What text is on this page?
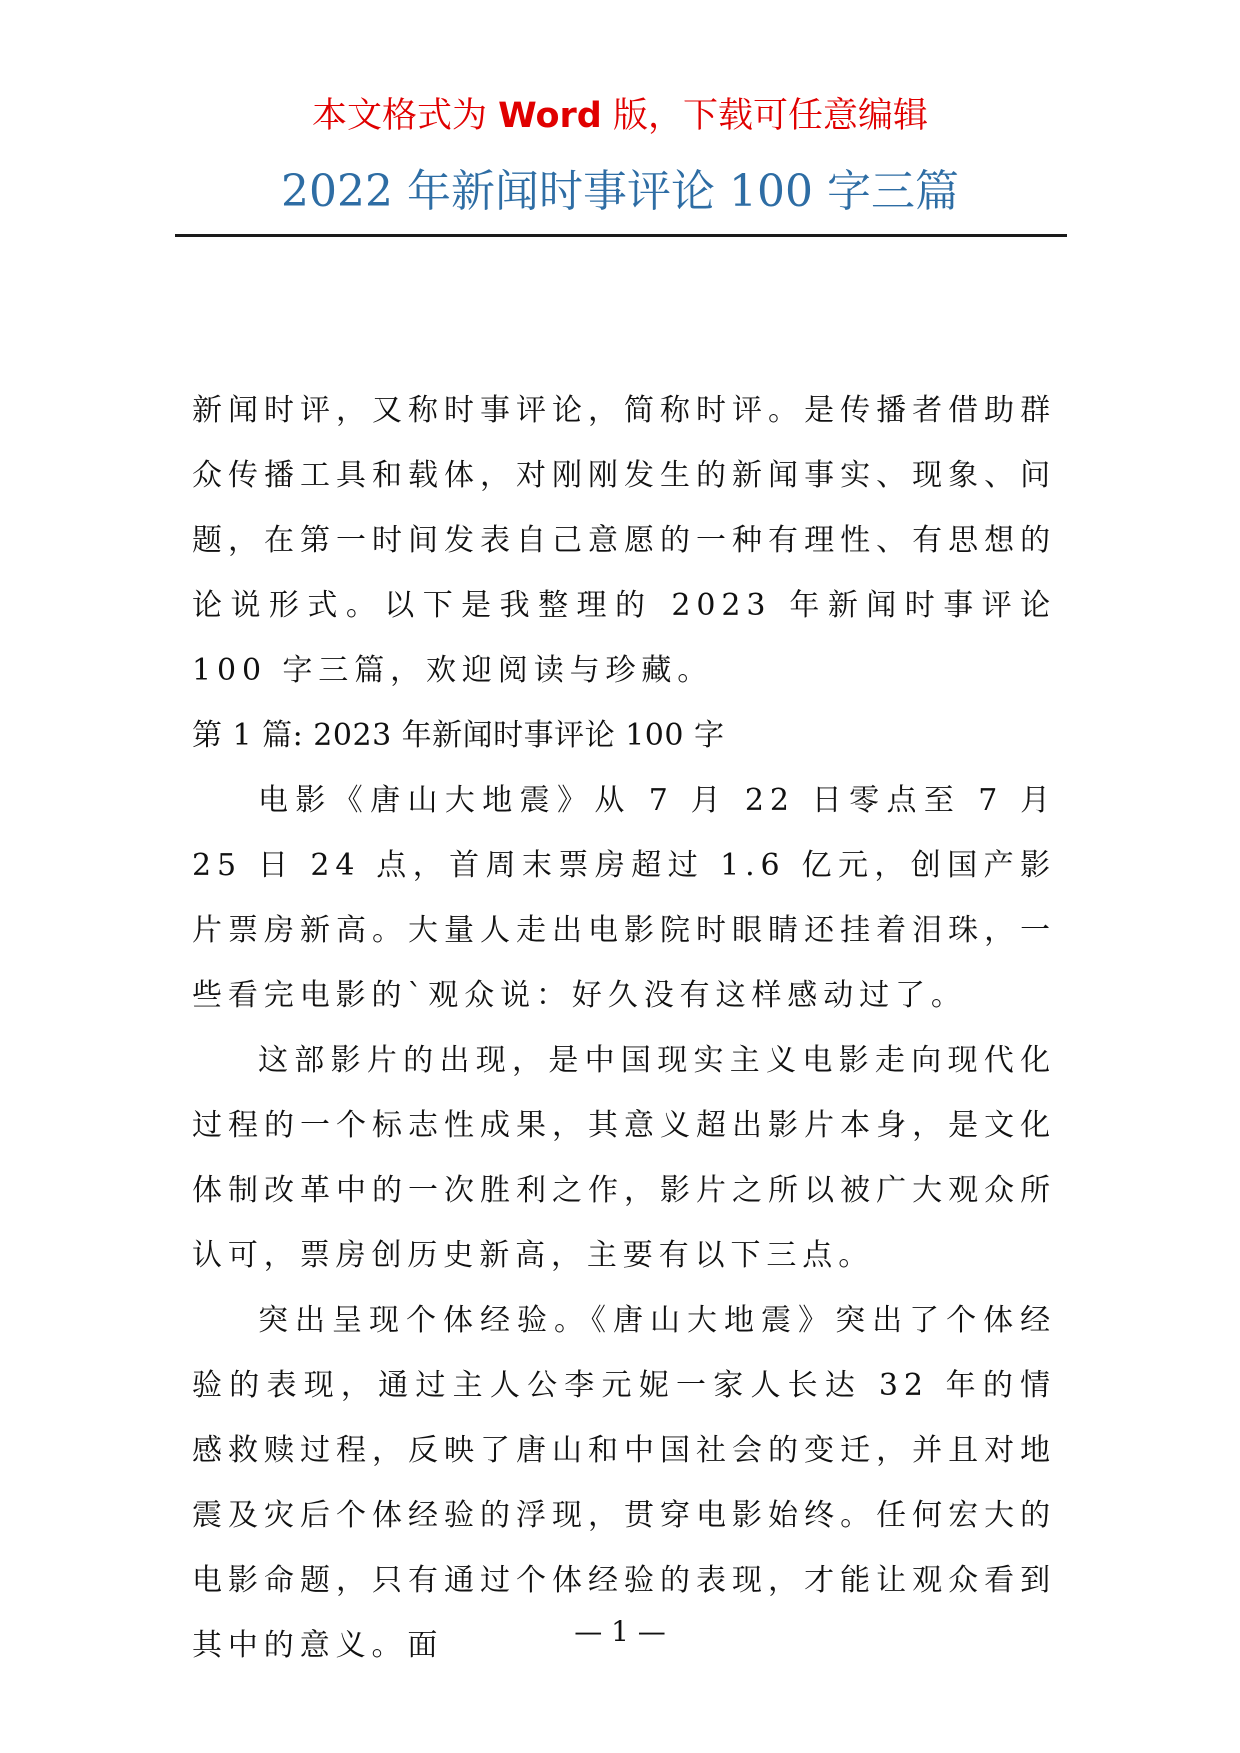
本文格式为 Word 版，下载可任意编辑
2022 年新闻时事评论 100 字三篇

新闻时评，又称时事评论，简称时评。是传播者借助群众传播工具和载体，对刚刚发生的新闻事实、现象、问题，在第一时间发表自己意愿的一种有理性、有思想的论说形式。以下是我整理的 2023 年新闻时事评论 100 字三篇，欢迎阅读与珍藏。

第 1 篇: 2023 年新闻时事评论 100 字

电影《唐山大地震》从 7 月 22 日零点至 7 月 25 日 24 点，首周末票房超过 1.6 亿元，创国产影片票房新高。大量人走出电影院时眼睛还挂着泪珠，一些看完电影的`观众说：好久没有这样感动过了。

这部影片的出现，是中国现实主义电影走向现代化过程的一个标志性成果，其意义超出影片本身，是文化体制改革中的一次胜利之作，影片之所以被广大观众所认可，票房创历史新高，主要有以下三点。

突出呈现个体经验。《唐山大地震》突出了个体经验的表现，通过主人公李元妮一家人长达 32 年的情感救赎过程，反映了唐山和中国社会的变迁，并且对地震及灾后个体经验的浮现，贯穿电影始终。任何宏大的电影命题，只有通过个体经验的表现，才能让观众看到其中的意义。面	— 1 —
